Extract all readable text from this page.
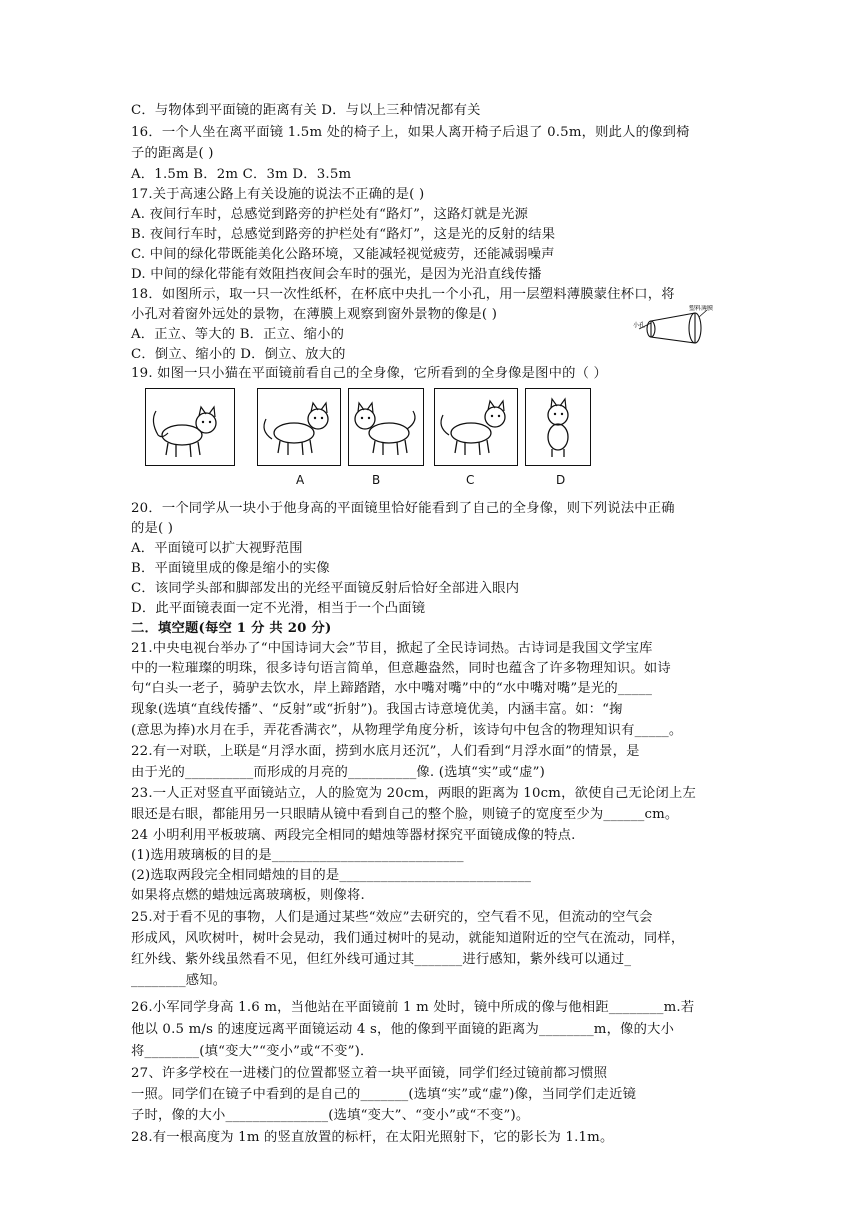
C．与物体到平面镜的距离有关 D．与以上三种情况都有关
16．一个人坐在离平面镜 1.5m 处的椅子上，如果人离开椅子后退了 0.5m，则此人的像到椅
子的距离是( )
A．1.5m B．2m C．3m D．3.5m
17.关于高速公路上有关设施的说法不正确的是( )
A. 夜间行车时，总感觉到路旁的护栏处有“路灯”，这路灯就是光源
B. 夜间行车时，总感觉到路旁的护栏处有“路灯”，这是光的反射的结果
C. 中间的绿化带既能美化公路环境，又能减轻视觉疲劳，还能减弱噪声
D. 中间的绿化带能有效阻挡夜间会车时的强光，是因为光沿直线传播
18．如图所示，取一只一次性纸杯，在杯底中央扎一个小孔，用一层塑料薄膜蒙住杯口，将
小孔对着窗外远处的景物，在薄膜上观察到窗外景物的像是( )
A．正立、等大的 B．正立、缩小的
C．倒立、缩小的 D．倒立、放大的
19. 如图一只小猫在平面镜前看自己的全身像，它所看到的全身像是图中的（ ）
小孔
塑料薄膜
A	B	C	D
20．一个同学从一块小于他身高的平面镜里恰好能看到了自己的全身像，则下列说法中正确
的是( )
A．平面镜可以扩大视野范围
B．平面镜里成的像是缩小的实像
C．该同学头部和脚部发出的光经平面镜反射后恰好全部进入眼内
D．此平面镜表面一定不光滑，相当于一个凸面镜
二．填空题(每空 1 分 共 20 分)
21.中央电视台举办了“中国诗词大会”节目，掀起了全民诗词热。古诗词是我国文学宝库
中的一粒璀璨的明珠，很多诗句语言简单，但意趣盎然，同时也蕴含了许多物理知识。如诗
句“白头一老子，骑驴去饮水，岸上蹄踏踏，水中嘴对嘴”中的“水中嘴对嘴”是光的_____
现象(选填“直线传播”、“反射”或“折射”)。我国古诗意境优美，内涵丰富。如：“掬
(意思为捧)水月在手，弄花香满衣”，从物理学角度分析，该诗句中包含的物理知识有_____。
22.有一对联，上联是“月浮水面，捞到水底月还沉”，人们看到“月浮水面”的情景，是
由于光的__________而形成的月亮的__________像. (选填“实”或“虚”)
23.一人正对竖直平面镜站立，人的脸宽为 20cm，两眼的距离为 10cm，欲使自己无论闭上左
眼还是右眼，都能用另一只眼睛从镜中看到自己的整个脸，则镜子的宽度至少为______cm。
24 小明利用平板玻璃、两段完全相同的蜡烛等器材探究平面镜成像的特点.
(1)选用玻璃板的目的是____________________________
(2)选取两段完全相同蜡烛的目的是____________________________
如果将点燃的蜡烛远离玻璃板，则像将.
25.对于看不见的事物，人们是通过某些“效应”去研究的，空气看不见，但流动的空气会
形成风，风吹树叶，树叶会晃动，我们通过树叶的晃动，就能知道附近的空气在流动，同样，
红外线、紫外线虽然看不见，但红外线可通过其_______进行感知，紫外线可以通过_
________感知。
26.小军同学身高 1.6 m，当他站在平面镜前 1 m 处时，镜中所成的像与他相距________m.若
他以 0.5 m/s 的速度远离平面镜运动 4 s，他的像到平面镜的距离为________m，像的大小
将________(填“变大”“变小”或“不变”)．
27、许多学校在一进楼门的位置都竖立着一块平面镜，同学们经过镜前都习惯照
一照。同学们在镜子中看到的是自己的_______(选填“实”或“虚”)像，当同学们走近镜
子时，像的大小_______________(选填“变大”、“变小”或“不变”)。
28.有一根高度为 1m 的竖直放置的标杆，在太阳光照射下，它的影长为 1.1m。
